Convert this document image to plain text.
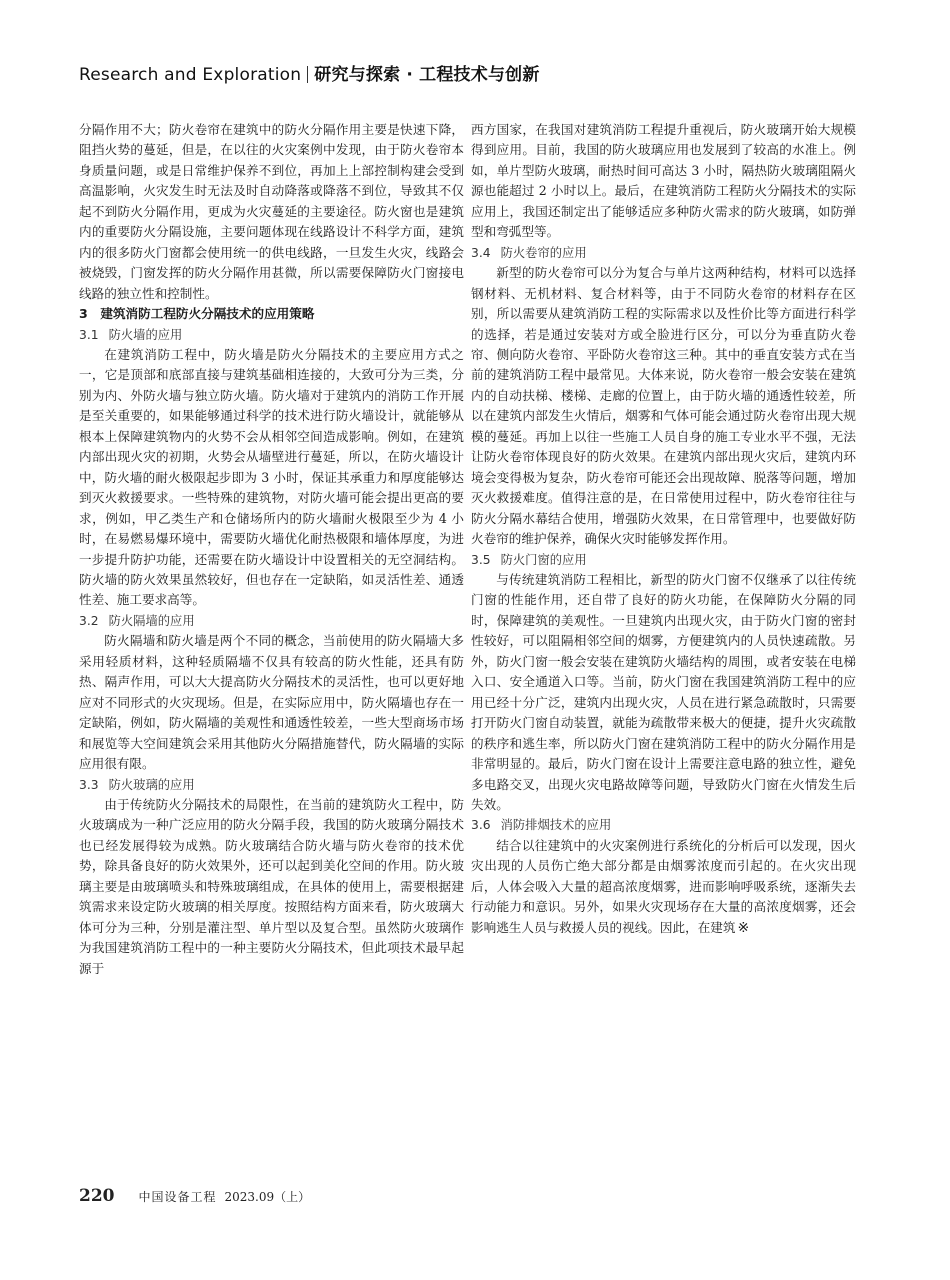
Research and Exploration 研究与探索 · 工程技术与创新

分隔作用不大；防火卷帘在建筑中的防火分隔作用主要是快速下降，阻挡火势的蔓延，但是，在以往的火灾案例中发现，由于防火卷帘本身质量问题，或是日常维护保养不到位，再加上上部控制构建会受到高温影响，火灾发生时无法及时自动降落或降落不到位，导致其不仅起不到防火分隔作用，更成为火灾蔓延的主要途径。防火窗也是建筑内的重要防火分隔设施，主要问题体现在线路设计不科学方面，建筑内的很多防火门窗都会使用统一的供电线路，一旦发生火灾，线路会被烧毁，门窗发挥的防火分隔作用甚微，所以需要保障防火门窗接电线路的独立性和控制性。

3　建筑消防工程防火分隔技术的应用策略
3.1 防火墙的应用

在建筑消防工程中，防火墙是防火分隔技术的主要应用方式之一，它是顶部和底部直接与建筑基础相连接的，大致可分为三类，分别为内、外防火墙与独立防火墙。防火墙对于建筑内的消防工作开展是至关重要的，如果能够通过科学的技术进行防火墙设计，就能够从根本上保障建筑物内的火势不会从相邻空间造成影响。例如，在建筑内部出现火灾的初期，火势会从墙壁进行蔓延，所以，在防火墙设计中，防火墙的耐火极限起步即为 3 小时，保证其承重力和厚度能够达到灭火救援要求。一些特殊的建筑物，对防火墙可能会提出更高的要求，例如，甲乙类生产和仓储场所内的防火墙耐火极限至少为 4 小时，在易燃易爆环境中，需要防火墙优化耐热极限和墙体厚度，为进一步提升防护功能，还需要在防火墙设计中设置相关的无空洞结构。防火墙的防火效果虽然较好，但也存在一定缺陷，如灵活性差、通透性差、施工要求高等。

3.2 防火隔墙的应用

防火隔墙和防火墙是两个不同的概念，当前使用的防火隔墙大多采用轻质材料，这种轻质隔墙不仅具有较高的防火性能，还具有防热、隔声作用，可以大大提高防火分隔技术的灵活性，也可以更好地应对不同形式的火灾现场。但是，在实际应用中，防火隔墙也存在一定缺陷，例如，防火隔墙的美观性和通透性较差，一些大型商场市场和展览等大空间建筑会采用其他防火分隔措施替代，防火隔墙的实际应用很有限。

3.3 防火玻璃的应用

由于传统防火分隔技术的局限性，在当前的建筑防火工程中，防火玻璃成为一种广泛应用的防火分隔手段，我国的防火玻璃分隔技术也已经发展得较为成熟。防火玻璃结合防火墙与防火卷帘的技术优势，除具备良好的防火效果外，还可以起到美化空间的作用。防火玻璃主要是由玻璃喷头和特殊玻璃组成，在具体的使用上，需要根据建筑需求来设定防火玻璃的相关厚度。按照结构方面来看，防火玻璃大体可分为三种，分别是灌注型、单片型以及复合型。虽然防火玻璃作为我国建筑消防工程中的一种主要防火分隔技术，但此项技术最早起源于

西方国家，在我国对建筑消防工程提升重视后，防火玻璃开始大规模得到应用。目前，我国的防火玻璃应用也发展到了较高的水准上。例如，单片型防火玻璃，耐热时间可高达 3 小时，隔热防火玻璃阻隔火源也能超过 2 小时以上。最后，在建筑消防工程防火分隔技术的实际应用上，我国还制定出了能够适应多种防火需求的防火玻璃，如防弹型和弯弧型等。

3.4 防火卷帘的应用

新型的防火卷帘可以分为复合与单片这两种结构，材料可以选择钢材料、无机材料、复合材料等，由于不同防火卷帘的材料存在区别，所以需要从建筑消防工程的实际需求以及性价比等方面进行科学的选择，若是通过安装对方或全脸进行区分，可以分为垂直防火卷帘、侧向防火卷帘、平卧防火卷帘这三种。其中的垂直安装方式在当前的建筑消防工程中最常见。大体来说，防火卷帘一般会安装在建筑内的自动扶梯、楼梯、走廊的位置上，由于防火墙的通透性较差，所以在建筑内部发生火情后，烟雾和气体可能会通过防火卷帘出现大规模的蔓延。再加上以往一些施工人员自身的施工专业水平不强，无法让防火卷帘体现良好的防火效果。在建筑内部出现火灾后，建筑内环境会变得极为复杂，防火卷帘可能还会出现故障、脱落等问题，增加灭火救援难度。值得注意的是，在日常使用过程中，防火卷帘往往与防火分隔水幕结合使用，增强防火效果，在日常管理中，也要做好防火卷帘的维护保养，确保火灾时能够发挥作用。

3.5 防火门窗的应用

与传统建筑消防工程相比，新型的防火门窗不仅继承了以往传统门窗的性能作用，还自带了良好的防火功能，在保障防火分隔的同时，保障建筑的美观性。一旦建筑内出现火灾，由于防火门窗的密封性较好，可以阻隔相邻空间的烟雾，方便建筑内的人员快速疏散。另外，防火门窗一般会安装在建筑防火墙结构的周围，或者安装在电梯入口、安全通道入口等。当前，防火门窗在我国建筑消防工程中的应用已经十分广泛，建筑内出现火灾，人员在进行紧急疏散时，只需要打开防火门窗自动装置，就能为疏散带来极大的便捷，提升火灾疏散的秩序和逃生率，所以防火门窗在建筑消防工程中的防火分隔作用是非常明显的。最后，防火门窗在设计上需要注意电路的独立性，避免多电路交叉，出现火灾电路故障等问题，导致防火门窗在火情发生后失效。

3.6 消防排烟技术的应用

结合以往建筑中的火灾案例进行系统化的分析后可以发现，因火灾出现的人员伤亡绝大部分都是由烟雾浓度而引起的。在火灾出现后，人体会吸入大量的超高浓度烟雾，进而影响呼吸系统，逐渐失去行动能力和意识。另外，如果火灾现场存在大量的高浓度烟雾，还会影响逃生人员与救援人员的视线。因此，在建筑 ※

220 中国设备工程 2023.09（上）
